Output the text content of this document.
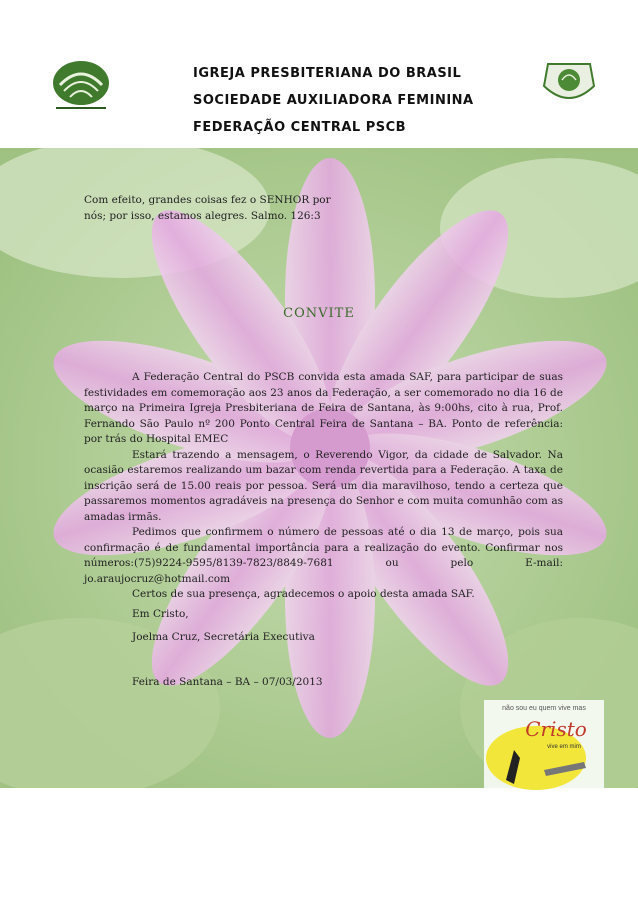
IGREJA PRESBITERIANA DO BRASIL
SOCIEDADE AUXILIADORA FEMININA
FEDERAÇÃO CENTRAL PSCB
Com efeito, grandes coisas fez o SENHOR por nós; por isso, estamos alegres. Salmo. 126:3
CONVITE

A Federação Central do PSCB convida esta amada SAF, para participar de suas festividades em comemoração aos 23 anos da Federação, a ser comemorado no dia 16 de março na Primeira Igreja Presbiteriana de Feira de Santana, às 9:00hs, cito à rua, Prof. Fernando São Paulo nº 200 Ponto Central Feira de Santana – BA. Ponto de referência: por trás do Hospital EMEC

Estará trazendo a mensagem, o Reverendo Vigor, da cidade de Salvador. Na ocasião estaremos realizando um bazar com renda revertida para a Federação. A taxa de inscrição será de 15.00 reais por pessoa. Será um dia maravilhoso, tendo a certeza que passaremos momentos agradáveis na presença do Senhor e com muita comunhão com as amadas irmãs.

Pedimos que confirmem o número de pessoas até o dia 13 de março, pois sua confirmação é de fundamental importância para a realização do evento. Confirmar nos números:(75)9224-9595/8139-7823/8849-7681 ou pelo E-mail: jo.araujocruz@hotmail.com

Certos de sua presença, agradecemos o apoio desta amada SAF.

Em Cristo,
Joelma Cruz, Secretária Executiva
Feira de Santana – BA – 07/03/2013
não sou eu quem vive mas
Cristo
vive em mim
